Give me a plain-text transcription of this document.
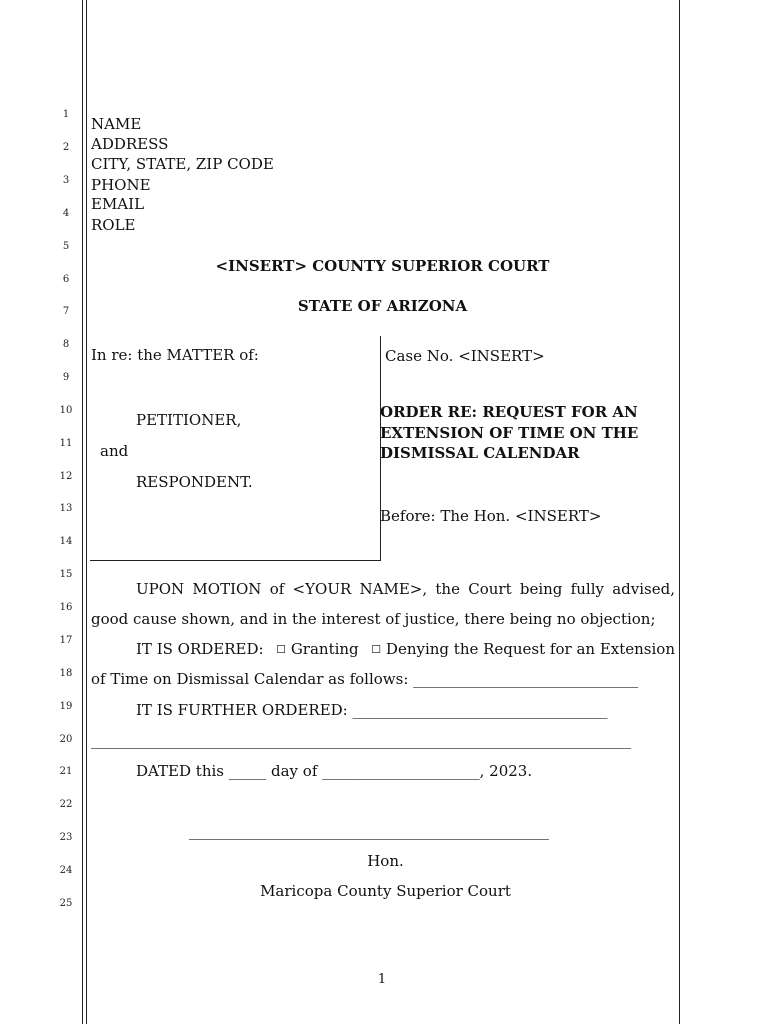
1
2
3
4
5
6
7
8
9
10
11
12
13
14
15
16
17
18
19
20
21
22
23
24
25
NAME
ADDRESS
CITY, STATE, ZIP CODE
PHONE
EMAIL
ROLE
<INSERT> COUNTY SUPERIOR COURT
STATE OF ARIZONA
In re: the MATTER of:
PETITIONER,
and
RESPONDENT.
Case No. <INSERT>
ORDER RE: REQUEST FOR AN
EXTENSION OF TIME ON THE
DISMISSAL CALENDAR
Before: The Hon. <INSERT>
UPON MOTION of <YOUR NAME>, the Court being fully advised,
good cause shown, and in the interest of justice, there being no objection;
IT IS ORDERED: ☐ Granting ☐ Denying the Request for an Extension
of Time on Dismissal Calendar as follows: ______________________________
IT IS FURTHER ORDERED: __________________________________
________________________________________________________________________
DATED this _____ day of _____________________, 2023.
________________________________________________
Hon.
Maricopa County Superior Court
1
